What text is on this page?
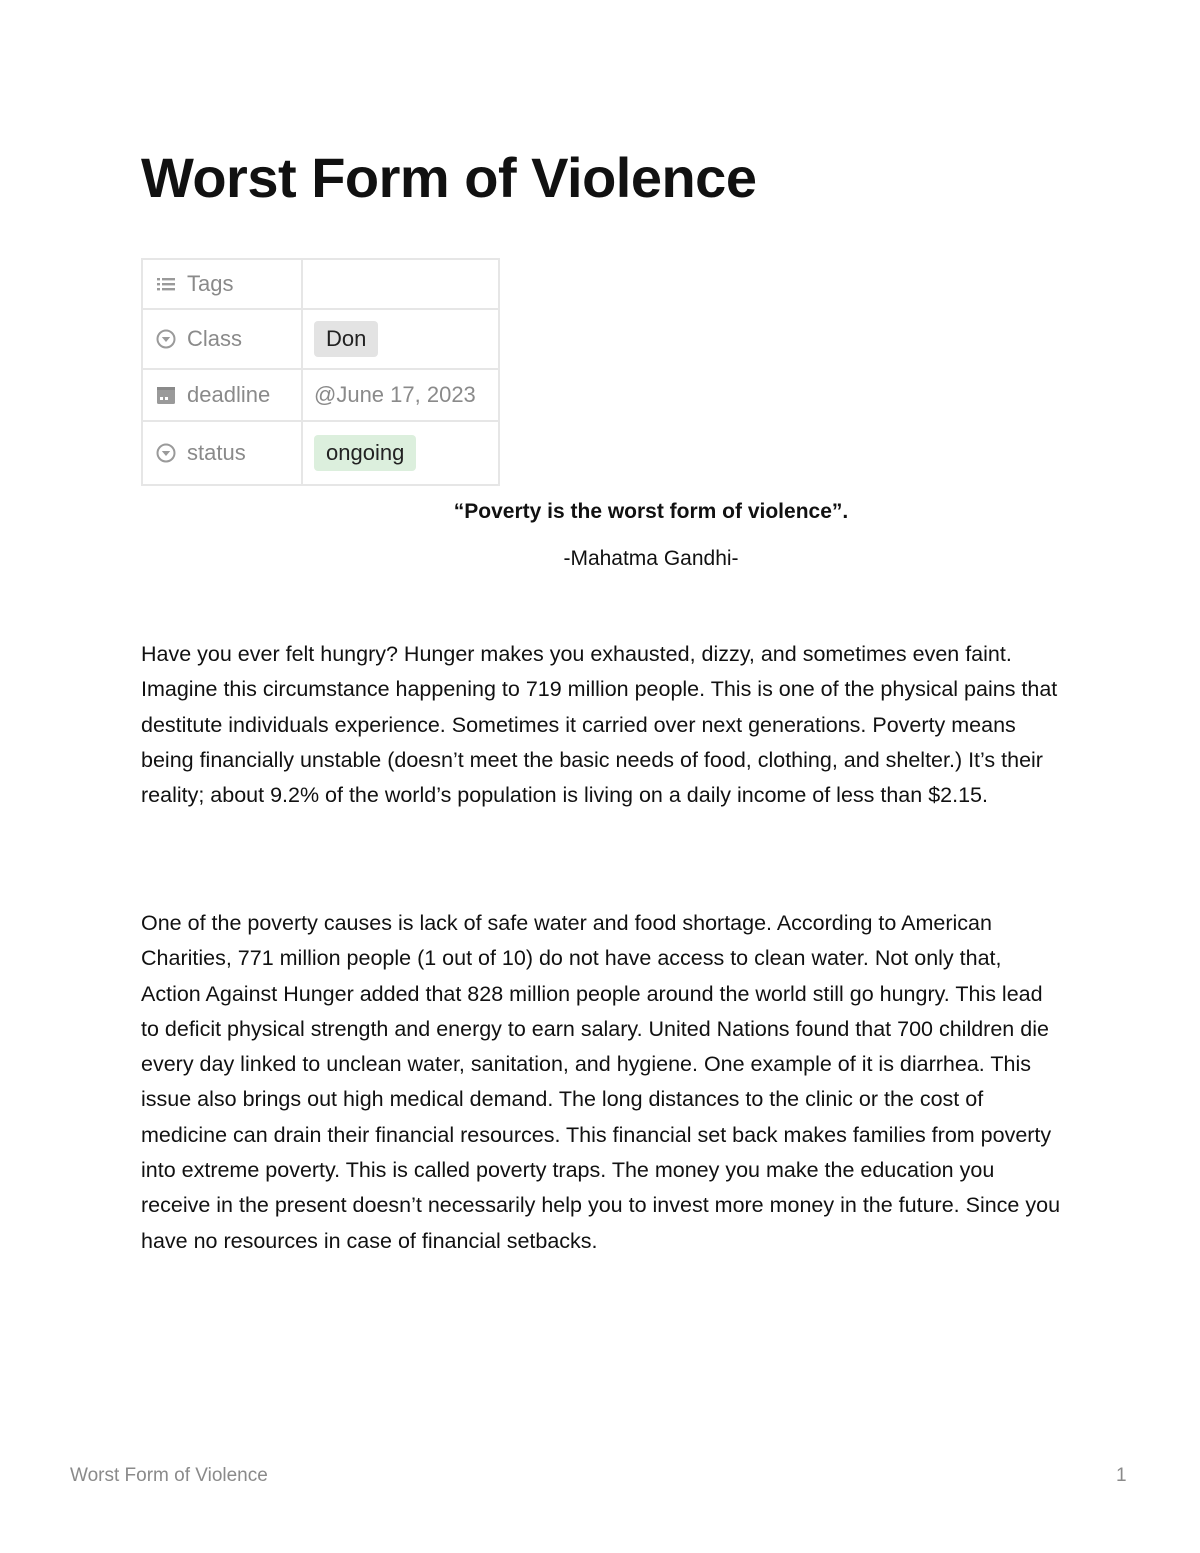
Worst Form of Violence
Tags	

Class	Don

deadline	@June 17, 2023

status	ongoing

“Poverty is the worst form of violence”.

-Mahatma Gandhi-

Have you ever felt hungry? Hunger makes you exhausted, dizzy, and sometimes even faint. Imagine this circumstance happening to 719 million people. This is one of the physical pains that destitute individuals experience. Sometimes it carried over next generations. Poverty means being financially unstable (doesn’t meet the basic needs of food, clothing, and shelter.) It’s their reality; about 9.2% of the world’s population is living on a daily income of less than $2.15.

One of the poverty causes is lack of safe water and food shortage. According to American Charities, 771 million people (1 out of 10) do not have access to clean water. Not only that, Action Against Hunger added that 828 million people around the world still go hungry. This lead to deficit physical strength and energy to earn salary. United Nations found that 700 children die every day linked to unclean water, sanitation, and hygiene. One example of it is diarrhea. This issue also brings out high medical demand. The long distances to the clinic or the cost of medicine can drain their financial resources. This financial set back makes families from poverty into extreme poverty. This is called poverty traps. The money you make the education you receive in the present doesn’t necessarily help you to invest more money in the future. Since you have no resources in case of financial setbacks.

Worst Form of Violence	1
